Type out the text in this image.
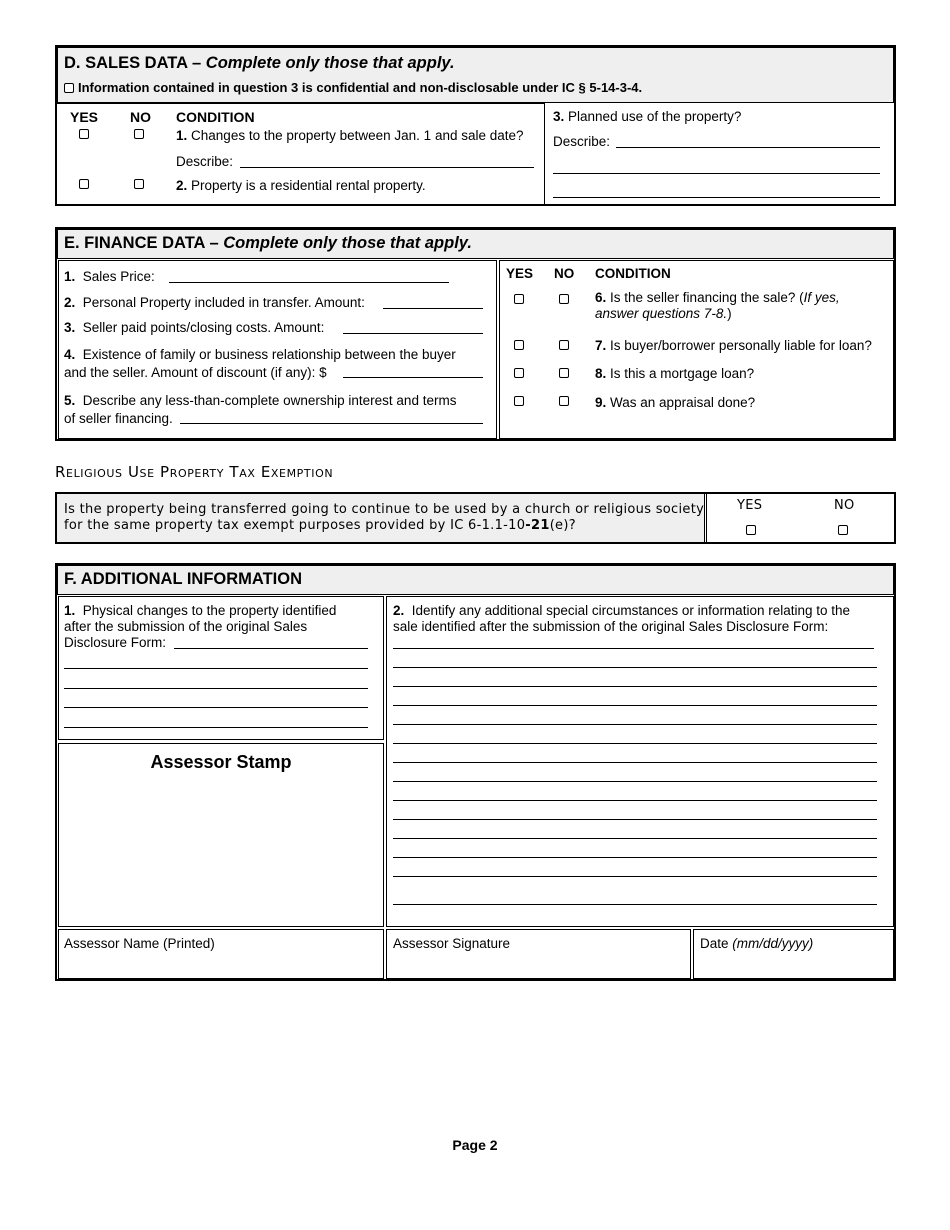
D. SALES DATA – Complete only those that apply.
Information contained in question 3 is confidential and non-disclosable under IC § 5-14-3-4.
YES NO CONDITION
1. Changes to the property between Jan. 1 and sale date?
Describe:
2. Property is a residential rental property.
3. Planned use of the property?
Describe:
E. FINANCE DATA – Complete only those that apply.
1. Sales Price:
2. Personal Property included in transfer. Amount:
3. Seller paid points/closing costs. Amount:
4. Existence of family or business relationship between the buyer
and the seller. Amount of discount (if any): $
5. Describe any less-than-complete ownership interest and terms
of seller financing.
YES NO CONDITION
6. Is the seller financing the sale? (If yes,
answer questions 7-8.)
7. Is buyer/borrower personally liable for loan?
8. Is this a mortgage loan?
9. Was an appraisal done?
Religious Use Property Tax Exemption
Is the property being transferred going to continue to be used by a church or religious society
for the same property tax exempt purposes provided by IC 6-1.1-10-21(e)?
YES	NO
F. ADDITIONAL INFORMATION
1. Physical changes to the property identified
after the submission of the original Sales
Disclosure Form:
Assessor Stamp
2. Identify any additional special circumstances or information relating to the
sale identified after the submission of the original Sales Disclosure Form:
Assessor Name (Printed)	Assessor Signature	Date (mm/dd/yyyy)
Page 2
